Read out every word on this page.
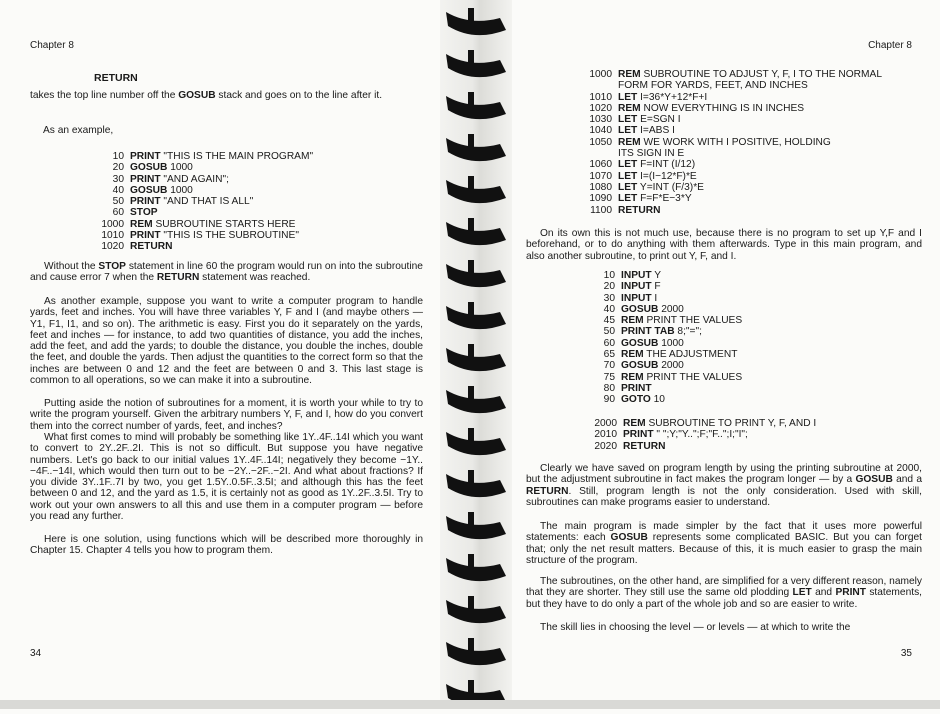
Chapter 8
RETURN

takes the top line number off the GOSUB stack and goes on to the line after it.

As an example,

10 PRINT "THIS IS THE MAIN PROGRAM"
20 GOSUB 1000
30 PRINT "AND AGAIN";
40 GOSUB 1000
50 PRINT "AND THAT IS ALL"
60 STOP
1000 REM SUBROUTINE STARTS HERE
1010 PRINT "THIS IS THE SUBROUTINE"
1020 RETURN

Without the STOP statement in line 60 the program would run on into the subroutine and cause error 7 when the RETURN statement was reached.

As another example, suppose you want to write a computer program to handle yards, feet and inches. You will have three variables Y, F and I (and maybe others — Y1, F1, I1, and so on). The arithmetic is easy. First you do it separately on the yards, feet and inches — for instance, to add two quantities of distance, you add the inches, add the feet, and add the yards; to double the distance, you double the inches, double the feet, and double the yards. Then adjust the quantities to the correct form so that the inches are between 0 and 12 and the feet are between 0 and 3. This last stage is common to all operations, so we can make it into a subroutine.

Putting aside the notion of subroutines for a moment, it is worth your while to try to write the program yourself. Given the arbitrary numbers Y, F, and I, how do you convert them into the correct number of yards, feet, and inches?

What first comes to mind will probably be something like 1Y..4F..14I which you want to convert to 2Y..2F..2I. This is not so difficult. But suppose you have negative numbers. Let's go back to our initial values 1Y..4F..14I; negatively they become −1Y..−4F..−14I, which would then turn out to be −2Y..−2F..−2I. And what about fractions? If you divide 3Y..1F..7I by two, you get 1.5Y..0.5F..3.5I; and although this has the feet between 0 and 12, and the yard as 1.5, it is certainly not as good as 1Y..2F..3.5I. Try to work out your own answers to all this and use them in a computer program — before you read any further.

Here is one solution, using functions which will be described more thoroughly in Chapter 15. Chapter 4 tells you how to program them.

34
Chapter 8
1000 REM SUBROUTINE TO ADJUST Y, F, I TO THE NORMAL
FORM FOR YARDS, FEET, AND INCHES
1010 LET I=36*Y+12*F+I
1020 REM NOW EVERYTHING IS IN INCHES
1030 LET E=SGN I
1040 LET I=ABS I
1050 REM WE WORK WITH I POSITIVE, HOLDING
ITS SIGN IN E
1060 LET F=INT (I/12)
1070 LET I=(I−12*F)*E
1080 LET Y=INT (F/3)*E
1090 LET F=F*E−3*Y
1100 RETURN

On its own this is not much use, because there is no program to set up Y,F and I beforehand, or to do anything with them afterwards. Type in this main program, and also another subroutine, to print out Y, F, and I.

10 INPUT Y
20 INPUT F
30 INPUT I
40 GOSUB 2000
45 REM PRINT THE VALUES
50 PRINT TAB 8;"=";
60 GOSUB 1000
65 REM THE ADJUSTMENT
70 GOSUB 2000
75 REM PRINT THE VALUES
80 PRINT
90 GOTO 10
2000 REM SUBROUTINE TO PRINT Y, F, AND I
2010 PRINT " ";Y;"Y..";F;"F..";I;"I";
2020 RETURN

Clearly we have saved on program length by using the printing subroutine at 2000, but the adjustment subroutine in fact makes the program longer — by a GOSUB and a RETURN. Still, program length is not the only consideration. Used with skill, subroutines can make programs easier to understand.

The main program is made simpler by the fact that it uses more powerful statements: each GOSUB represents some complicated BASIC. But you can forget that; only the net result matters. Because of this, it is much easier to grasp the main structure of the program.

The subroutines, on the other hand, are simplified for a very different reason, namely that they are shorter. They still use the same old plodding LET and PRINT statements, but they have to do only a part of the whole job and so are easier to write.

The skill lies in choosing the level — or levels — at which to write the

35
